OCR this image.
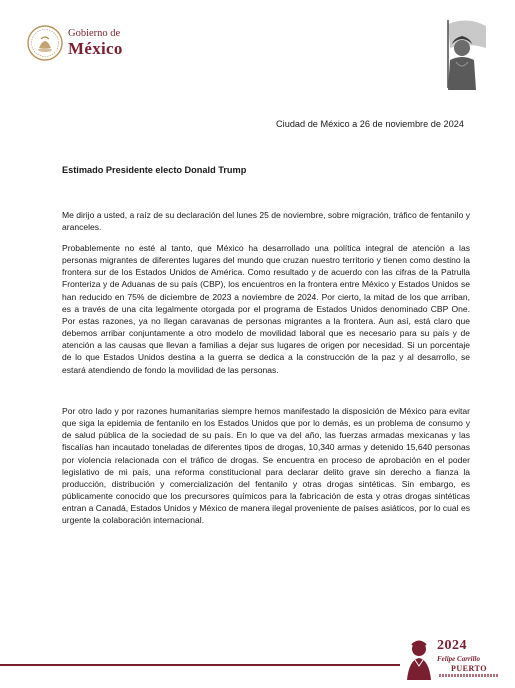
Gobierno de
México
Ciudad de México a 26 de noviembre de 2024
Estimado Presidente electo Donald Trump

Me dirijo a usted, a raíz de su declaración del lunes 25 de noviembre, sobre migración, tráfico de fentanilo y aranceles.

Probablemente no esté al tanto, que México ha desarrollado una política integral de atención a las personas migrantes de diferentes lugares del mundo que cruzan nuestro territorio y tienen como destino la frontera sur de los Estados Unidos de América. Como resultado y de acuerdo con las cifras de la Patrulla Fronteriza y de Aduanas de su país (CBP), los encuentros en la frontera entre México y Estados Unidos se han reducido en 75% de diciembre de 2023 a noviembre de 2024. Por cierto, la mitad de los que arriban, es a través de una cita legalmente otorgada por el programa de Estados Unidos denominado CBP One. Por estas razones, ya no llegan caravanas de personas migrantes a la frontera. Aun así, está claro que debemos arribar conjuntamente a otro modelo de movilidad laboral que es necesario para su país y de atención a las causas que llevan a familias a dejar sus lugares de origen por necesidad. Si un porcentaje de lo que Estados Unidos destina a la guerra se dedica a la construcción de la paz y al desarrollo, se estará atendiendo de fondo la movilidad de las personas.

Por otro lado y por razones humanitarias siempre hemos manifestado la disposición de México para evitar que siga la epidemia de fentanilo en los Estados Unidos que por lo demás, es un problema de consumo y de salud pública de la sociedad de su país. En lo que va del año, las fuerzas armadas mexicanas y las fiscalías han incautado toneladas de diferentes tipos de drogas, 10,340 armas y detenido 15,640 personas por violencia relacionada con el tráfico de drogas. Se encuentra en proceso de aprobación en el poder legislativo de mi país, una reforma constitucional para declarar delito grave sin derecho a fianza la producción, distribución y comercialización del fentanilo y otras drogas sintéticas. Sin embargo, es públicamente conocido que los precursores químicos para la fabricación de esta y otras drogas sintéticas entran a Canadá, Estados Unidos y México de manera ilegal proveniente de países asiáticos, por lo cual es urgente la colaboración internacional.

2024
Felipe Carrillo
PUERTO
